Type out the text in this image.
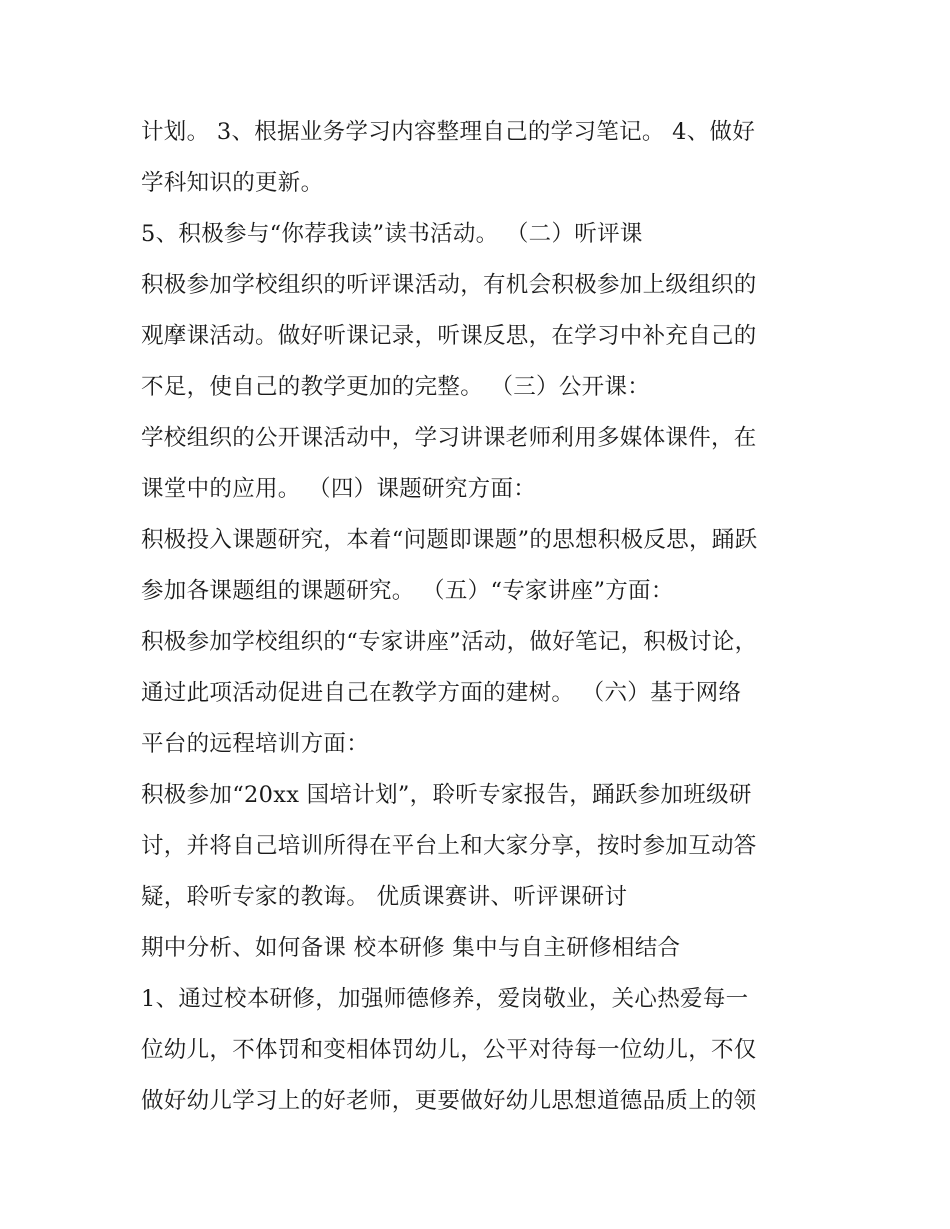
计划。 3、根据业务学习内容整理自己的学习笔记。 4、做好
学科知识的更新。
5、积极参与“你荐我读”读书活动。 （二）听评课
积极参加学校组织的听评课活动，有机会积极参加上级组织的
观摩课活动。做好听课记录，听课反思，在学习中补充自己的
不足，使自己的教学更加的完整。 （三）公开课：
学校组织的公开课活动中，学习讲课老师利用多媒体课件，在
课堂中的应用。 （四）课题研究方面：
积极投入课题研究，本着“问题即课题”的思想积极反思，踊跃
参加各课题组的课题研究。 （五）“专家讲座”方面：
积极参加学校组织的“专家讲座”活动，做好笔记，积极讨论，
通过此项活动促进自己在教学方面的建树。 （六）基于网络
平台的远程培训方面：
积极参加“20xx 国培计划”，聆听专家报告，踊跃参加班级研
讨，并将自己培训所得在平台上和大家分享，按时参加互动答
疑，聆听专家的教诲。 优质课赛讲、听评课研讨
期中分析、如何备课 校本研修 集中与自主研修相结合
1、通过校本研修，加强师德修养，爱岗敬业，关心热爱每一
位幼儿，不体罚和变相体罚幼儿，公平对待每一位幼儿，不仅
做好幼儿学习上的好老师，更要做好幼儿思想道德品质上的领
